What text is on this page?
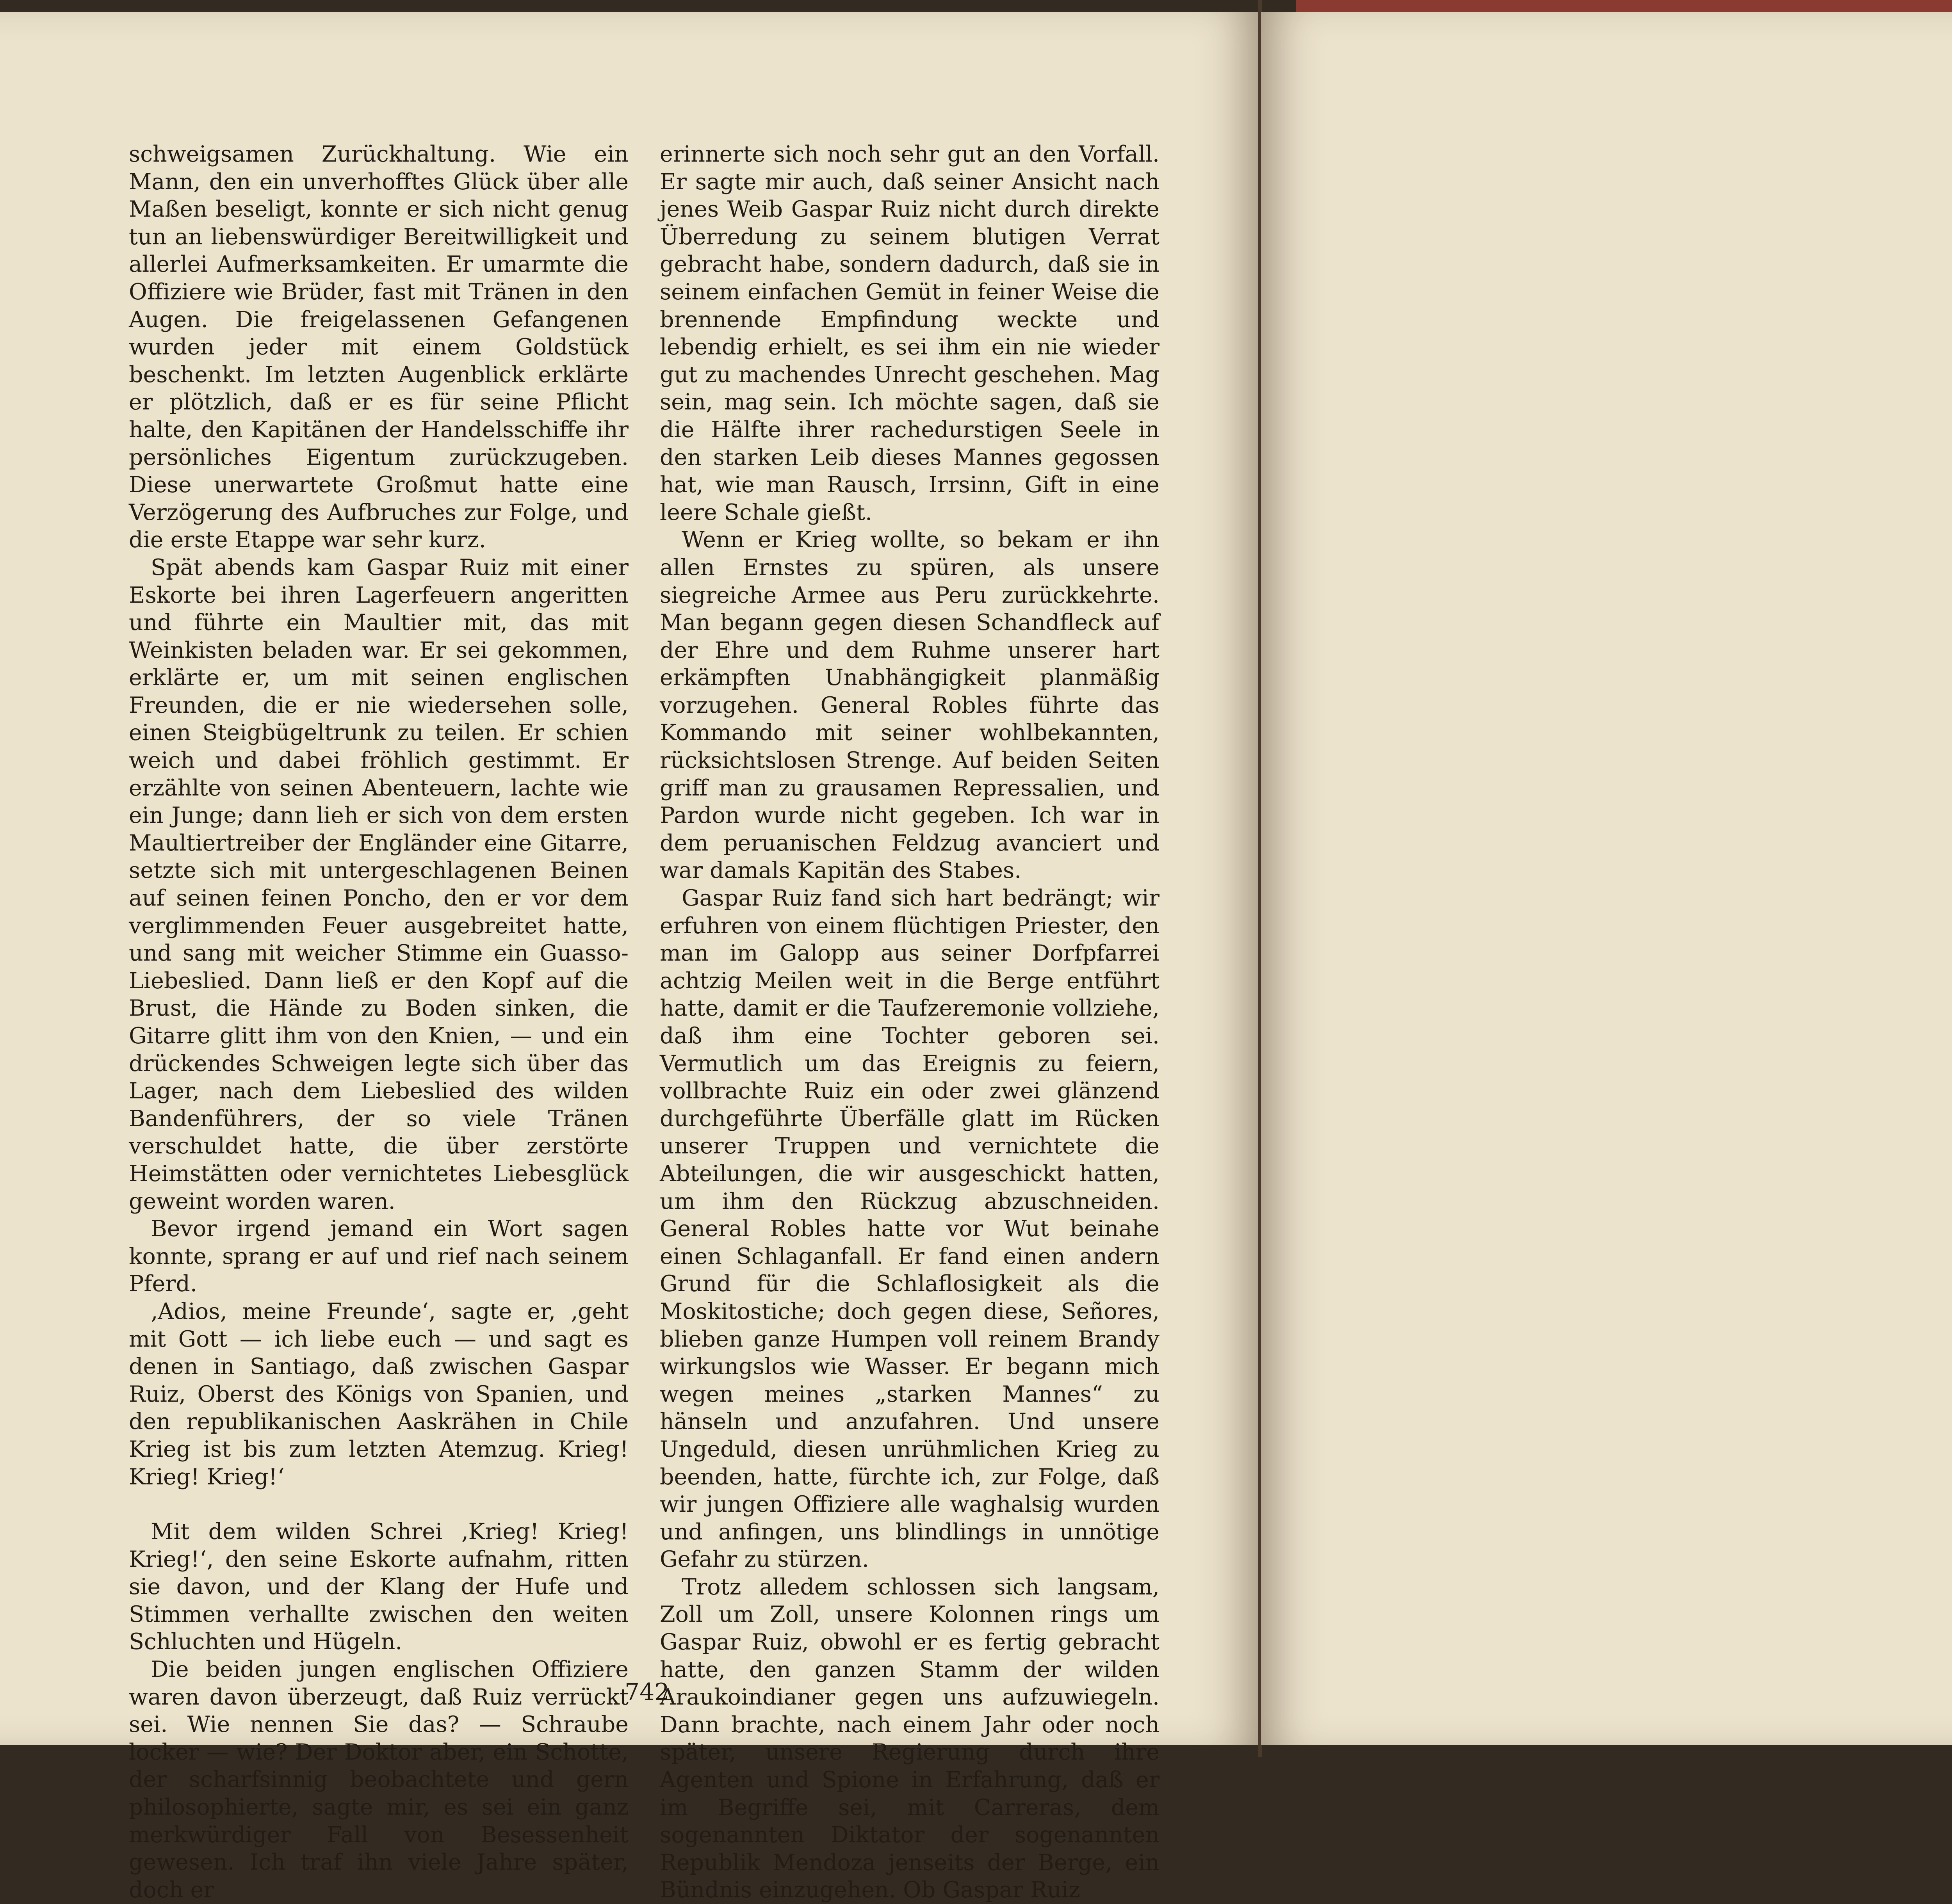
schweigsamen Zurückhaltung. Wie ein Mann, den ein unverhofftes Glück über alle Maßen beseligt, konnte er sich nicht genug tun an liebenswürdiger Bereitwilligkeit und allerlei Aufmerksamkeiten. Er umarmte die Offiziere wie Brüder, fast mit Tränen in den Augen. Die freigelassenen Gefangenen wurden jeder mit einem Goldstück beschenkt. Im letzten Augenblick erklärte er plötzlich, daß er es für seine Pflicht halte, den Kapitänen der Handelsschiffe ihr persönliches Eigentum zurückzugeben. Diese unerwartete Großmut hatte eine Verzögerung des Aufbruches zur Folge, und die erste Etappe war sehr kurz.

Spät abends kam Gaspar Ruiz mit einer Eskorte bei ihren Lagerfeuern angeritten und führte ein Maultier mit, das mit Weinkisten beladen war. Er sei gekommen, erklärte er, um mit seinen englischen Freunden, die er nie wiedersehen solle, einen Steigbügeltrunk zu teilen. Er schien weich und dabei fröhlich gestimmt. Er erzählte von seinen Abenteuern, lachte wie ein Junge; dann lieh er sich von dem ersten Maultiertreiber der Engländer eine Gitarre, setzte sich mit untergeschlagenen Beinen auf seinen feinen Poncho, den er vor dem verglimmenden Feuer ausgebreitet hatte, und sang mit weicher Stimme ein Guasso-Liebeslied. Dann ließ er den Kopf auf die Brust, die Hände zu Boden sinken, die Gitarre glitt ihm von den Knien, — und ein drückendes Schweigen legte sich über das Lager, nach dem Liebeslied des wilden Bandenführers, der so viele Tränen verschuldet hatte, die über zerstörte Heimstätten oder vernichtetes Liebesglück geweint worden waren.

Bevor irgend jemand ein Wort sagen konnte, sprang er auf und rief nach seinem Pferd.

‚Adios, meine Freunde‘, sagte er, ‚geht mit Gott — ich liebe euch — und sagt es denen in Santiago, daß zwischen Gaspar Ruiz, Oberst des Königs von Spanien, und den republikanischen Aaskrähen in Chile Krieg ist bis zum letzten Atemzug. Krieg! Krieg! Krieg!‘

Mit dem wilden Schrei ‚Krieg! Krieg! Krieg!‘, den seine Eskorte aufnahm, ritten sie davon, und der Klang der Hufe und Stimmen verhallte zwischen den weiten Schluchten und Hügeln.

Die beiden jungen englischen Offiziere waren davon überzeugt, daß Ruiz verrückt sei. Wie nennen Sie das? — Schraube locker — wie? Der Doktor aber, ein Schotte, der scharfsinnig beobachtete und gern philosophierte, sagte mir, es sei ein ganz merkwürdiger Fall von Besessenheit gewesen. Ich traf ihn viele Jahre später, doch er

erinnerte sich noch sehr gut an den Vorfall. Er sagte mir auch, daß seiner Ansicht nach jenes Weib Gaspar Ruiz nicht durch direkte Überredung zu seinem blutigen Verrat gebracht habe, sondern dadurch, daß sie in seinem einfachen Gemüt in feiner Weise die brennende Empfindung weckte und lebendig erhielt, es sei ihm ein nie wieder gut zu machendes Unrecht geschehen. Mag sein, mag sein. Ich möchte sagen, daß sie die Hälfte ihrer rachedurstigen Seele in den starken Leib dieses Mannes gegossen hat, wie man Rausch, Irrsinn, Gift in eine leere Schale gießt.

Wenn er Krieg wollte, so bekam er ihn allen Ernstes zu spüren, als unsere siegreiche Armee aus Peru zurückkehrte. Man begann gegen diesen Schandfleck auf der Ehre und dem Ruhme unserer hart erkämpften Unabhängigkeit planmäßig vorzugehen. General Robles führte das Kommando mit seiner wohlbekannten, rücksichtslosen Strenge. Auf beiden Seiten griff man zu grausamen Repressalien, und Pardon wurde nicht gegeben. Ich war in dem peruanischen Feldzug avanciert und war damals Kapitän des Stabes.

Gaspar Ruiz fand sich hart bedrängt; wir erfuhren von einem flüchtigen Priester, den man im Galopp aus seiner Dorfpfarrei achtzig Meilen weit in die Berge entführt hatte, damit er die Taufzeremonie vollziehe, daß ihm eine Tochter geboren sei. Vermutlich um das Ereignis zu feiern, vollbrachte Ruiz ein oder zwei glänzend durchgeführte Überfälle glatt im Rücken unserer Truppen und vernichtete die Abteilungen, die wir ausgeschickt hatten, um ihm den Rückzug abzuschneiden. General Robles hatte vor Wut beinahe einen Schlaganfall. Er fand einen andern Grund für die Schlaflosigkeit als die Moskitostiche; doch gegen diese, Señores, blieben ganze Humpen voll reinem Brandy wirkungslos wie Wasser. Er begann mich wegen meines „starken Mannes“ zu hänseln und anzufahren. Und unsere Ungeduld, diesen unrühmlichen Krieg zu beenden, hatte, fürchte ich, zur Folge, daß wir jungen Offiziere alle waghalsig wurden und anfingen, uns blindlings in unnötige Gefahr zu stürzen.

Trotz alledem schlossen sich langsam, Zoll um Zoll, unsere Kolonnen rings um Gaspar Ruiz, obwohl er es fertig gebracht hatte, den ganzen Stamm der wilden Araukoindianer gegen uns aufzuwiegeln. Dann brachte, nach einem Jahr oder noch später, unsere Regierung durch ihre Agenten und Spione in Erfahrung, daß er im Begriffe sei, mit Carreras, dem sogenannten Diktator der sogenannten Republik Mendoza jenseits der Berge, ein Bündnis einzugehen. Ob Gaspar Ruiz

742
